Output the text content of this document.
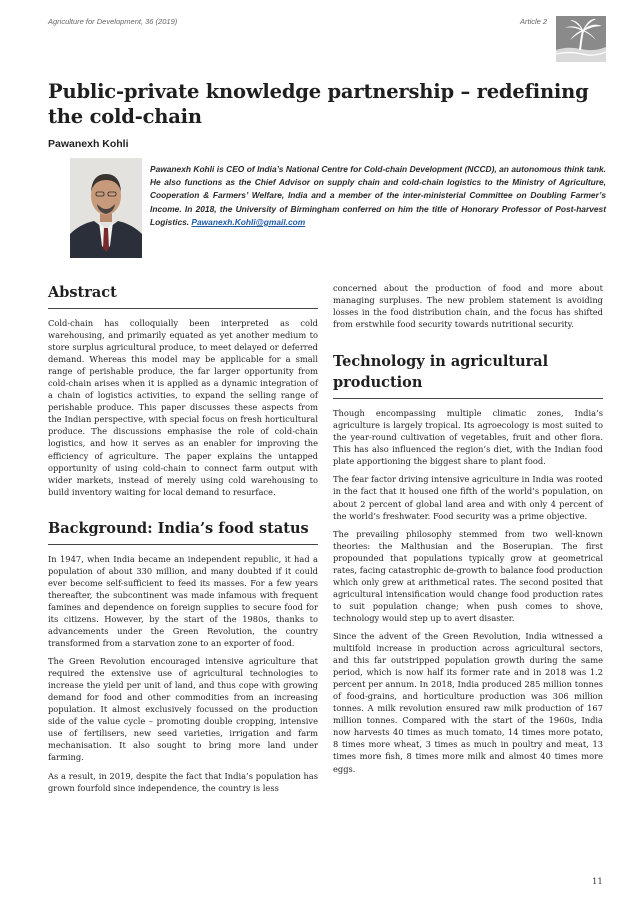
Agriculture for Development, 36 (2019)	Article 2
Public-private knowledge partnership – redefining the cold-chain
Pawanexh Kohli

Pawanexh Kohli is CEO of India’s National Centre for Cold-chain Development (NCCD), an autonomous think tank. He also functions as the Chief Advisor on supply chain and cold-chain logistics to the Ministry of Agriculture, Cooperation & Farmers’ Welfare, India and a member of the inter-ministerial Committee on Doubling Farmer’s Income. In 2018, the University of Birmingham conferred on him the title of Honorary Professor of Post-harvest Logistics. Pawanexh.Kohli@gmail.com

Abstract

Cold-chain has colloquially been interpreted as cold warehousing, and primarily equated as yet another medium to store surplus agricultural produce, to meet delayed or deferred demand. Whereas this model may be applicable for a small range of perishable produce, the far larger opportunity from cold-chain arises when it is applied as a dynamic integration of a chain of logistics activities, to expand the selling range of perishable produce. This paper discusses these aspects from the Indian perspective, with special focus on fresh horticultural produce. The discussions emphasise the role of cold-chain logistics, and how it serves as an enabler for improving the efficiency of agriculture. The paper explains the untapped opportunity of using cold-chain to connect farm output with wider markets, instead of merely using cold warehousing to build inventory waiting for local demand to resurface.

Background: India’s food status

In 1947, when India became an independent republic, it had a population of about 330 million, and many doubted if it could ever become self-sufficient to feed its masses. For a few years thereafter, the subcontinent was made infamous with frequent famines and dependence on foreign supplies to secure food for its citizens. However, by the start of the 1980s, thanks to advancements under the Green Revolution, the country transformed from a starvation zone to an exporter of food.

The Green Revolution encouraged intensive agriculture that required the extensive use of agricultural technologies to increase the yield per unit of land, and thus cope with growing demand for food and other commodities from an increasing population. It almost exclusively focussed on the production side of the value cycle – promoting double cropping, intensive use of fertilisers, new seed varieties, irrigation and farm mechanisation. It also sought to bring more land under farming.

As a result, in 2019, despite the fact that India’s population has grown fourfold since independence, the country is less

concerned about the production of food and more about managing surpluses. The new problem statement is avoiding losses in the food distribution chain, and the focus has shifted from erstwhile food security towards nutritional security.

Technology in agricultural production

Though encompassing multiple climatic zones, India’s agriculture is largely tropical. Its agroecology is most suited to the year-round cultivation of vegetables, fruit and other flora. This has also influenced the region’s diet, with the Indian food plate apportioning the biggest share to plant food.

The fear factor driving intensive agriculture in India was rooted in the fact that it housed one fifth of the world’s population, on about 2 percent of global land area and with only 4 percent of the world’s freshwater. Food security was a prime objective.

The prevailing philosophy stemmed from two well-known theories: the Malthusian and the Boserupian. The first propounded that populations typically grow at geometrical rates, facing catastrophic de-growth to balance food production which only grew at arithmetical rates. The second posited that agricultural intensification would change food production rates to suit population change; when push comes to shove, technology would step up to avert disaster.

Since the advent of the Green Revolution, India witnessed a multifold increase in production across agricultural sectors, and this far outstripped population growth during the same period, which is now half its former rate and in 2018 was 1.2 percent per annum. In 2018, India produced 285 million tonnes of food-grains, and horticulture production was 306 million tonnes. A milk revolution ensured raw milk production of 167 million tonnes. Compared with the start of the 1960s, India now harvests 40 times as much tomato, 14 times more potato, 8 times more wheat, 3 times as much in poultry and meat, 13 times more fish, 8 times more milk and almost 40 times more eggs.

11
